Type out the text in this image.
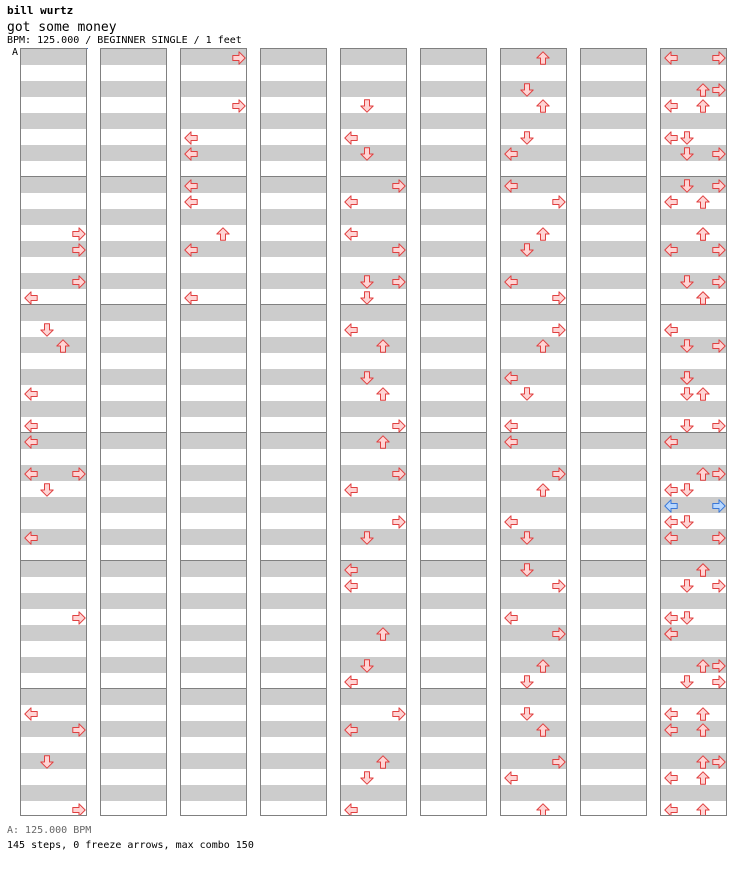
bill wurtz
got some money
BPM: 125.000 / BEGINNER SINGLE / 1 feet
A
A: 125.000 BPM
145 steps, 0 freeze arrows, max combo 150
